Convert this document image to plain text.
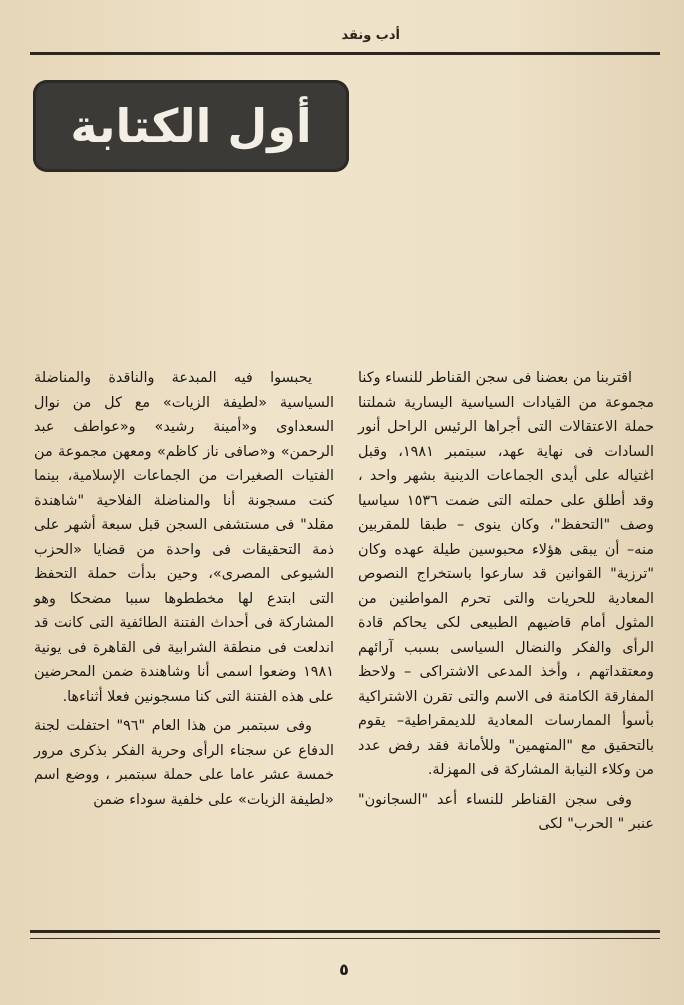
أدب ونقد
أول الكتابة

اقتربنا من بعضنا فى سجن القناطر للنساء وكنا مجموعة من القيادات السياسية اليسارية شملتنا حملة الاعتقالات التى أجراها الرئيس الراحل أنور السادات فى نهاية عهد، سبتمبر ١٩٨١، وقبل اغتياله على أيدى الجماعات الدينية بشهر واحد ، وقد أطلق على حملته التى ضمت ١٥٣٦ سياسيا وصف "التحفظ"، وكان ينوى – طبقا للمقربين منه– أن يبقى هؤلاء محبوسين طيلة عهده وكان "ترزية" القوانين قد سارعوا باستخراج النصوص المعادية للحريات والتى تحرم المواطنين من المثول أمام قاضيهم الطبيعى لكى يحاكم قادة الرأى والفكر والنضال السياسى بسبب آرائهم ومعتقداتهم ، وأخذ المدعى الاشتراكى – ولاحظ المفارقة الكامنة فى الاسم والتى تقرن الاشتراكية بأسوأ الممارسات المعادية للديمقراطية– يقوم بالتحقيق مع "المتهمين" وللأمانة فقد رفض عدد من وكلاء النيابة المشاركة فى المهزلة.

وفى سجن القناطر للنساء أعد "السجانون" عنبر " الحرب" لكى

يحبسوا فيه المبدعة والناقدة والمناضلة السياسية «لطيفة الزيات» مع كل من نوال السعداوى و«أمينة رشيد» و«عواطف عبد الرحمن» و«صافى ناز كاظم» ومعهن مجموعة من الفتيات الصغيرات من الجماعات الإسلامية، بينما كنت مسجونة أنا والمناضلة الفلاحية "شاهندة مقلد" فى مستشفى السجن قبل سبعة أشهر على ذمة التحقيقات فى واحدة من قضايا «الحزب الشيوعى المصرى»، وحين بدأت حملة التحفظ التى ابتدع لها مخططوها سببا مضحكا وهو المشاركة فى أحداث الفتنة الطائفية التى كانت قد اندلعت فى منطقة الشرابية فى القاهرة فى يونية ١٩٨١ وضعوا اسمى أنا وشاهندة ضمن المحرضين على هذه الفتنة التى كنا مسجونين فعلا أثناءها.

وفى سبتمبر من هذا العام "٩٦" احتفلت لجنة الدفاع عن سجناء الرأى وحرية الفكر بذكرى مرور خمسة عشر عاما على حملة سبتمبر ، ووضع اسم «لطيفة الزيات» على خلفية سوداء ضمن

٥
